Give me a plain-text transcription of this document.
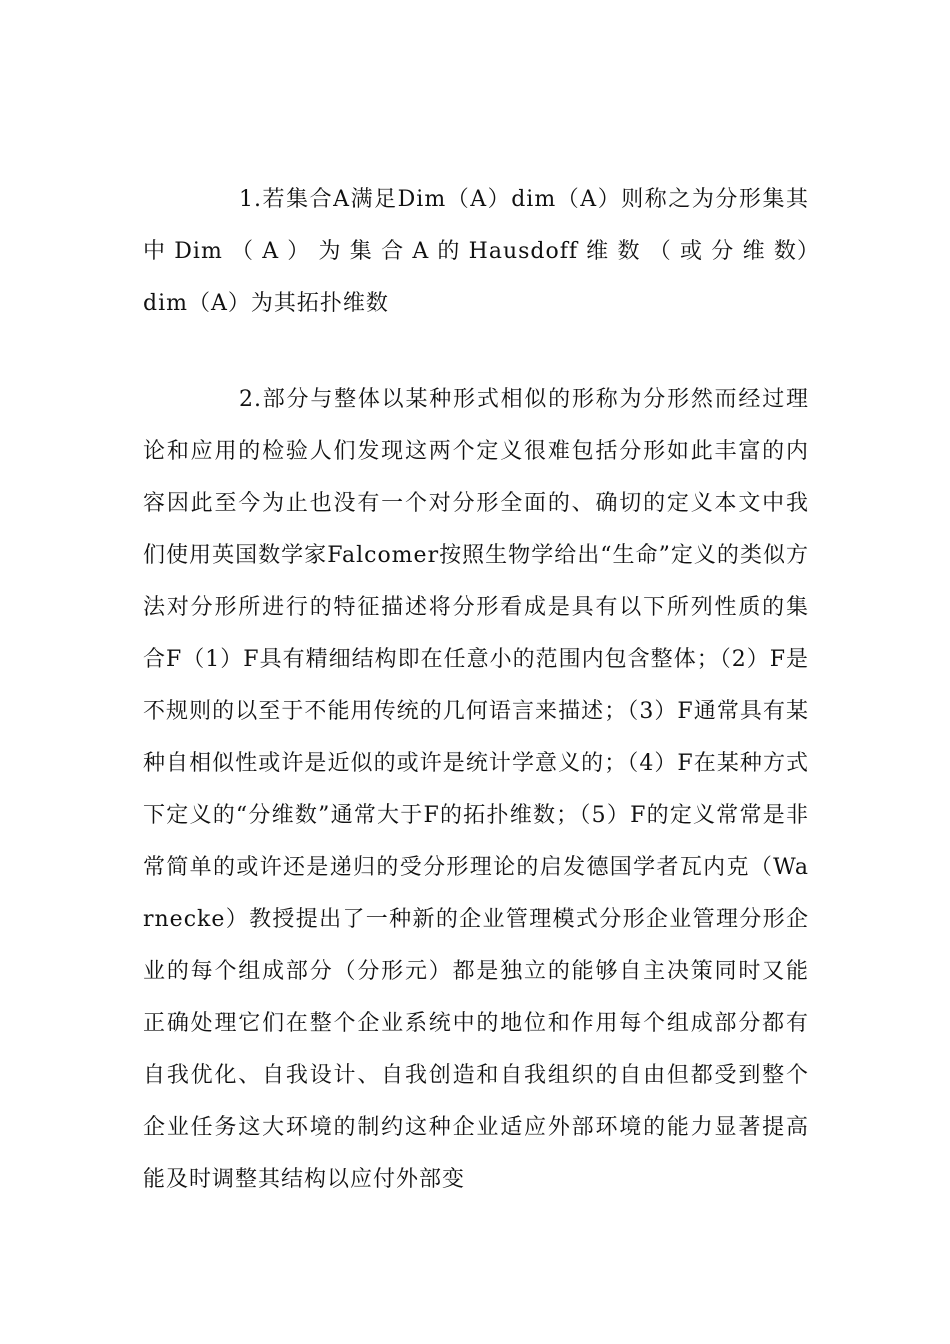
1.若集合A满足Dim（A）dim（A）则称之为分形集其中 Dim （ A ） 为 集 合 A 的 Hausdoff 维 数 （ 或 分 维 数）dim（A）为其拓扑维数

2.部分与整体以某种形式相似的形称为分形然而经过理论和应用的检验人们发现这两个定义很难包括分形如此丰富的内容因此至今为止也没有一个对分形全面的、确切的定义本文中我们使用英国数学家Falcomer按照生物学给出“生命”定义的类似方法对分形所进行的特征描述将分形看成是具有以下所列性质的集合F（1）F具有精细结构即在任意小的范围内包含整体；（2）F是不规则的以至于不能用传统的几何语言来描述；（3）F通常具有某种自相似性或许是近似的或许是统计学意义的；（4）F在某种方式下定义的“分维数”通常大于F的拓扑维数；（5）F的定义常常是非常简单的或许还是递归的受分形理论的启发德国学者瓦内克（Warnecke）教授提出了一种新的企业管理模式分形企业管理分形企业的每个组成部分（分形元）都是独立的能够自主决策同时又能正确处理它们在整个企业系统中的地位和作用每个组成部分都有自我优化、自我设计、自我创造和自我组织的自由但都受到整个企业任务这大环境的制约这种企业适应外部环境的能力显著提高能及时调整其结构以应付外部变
